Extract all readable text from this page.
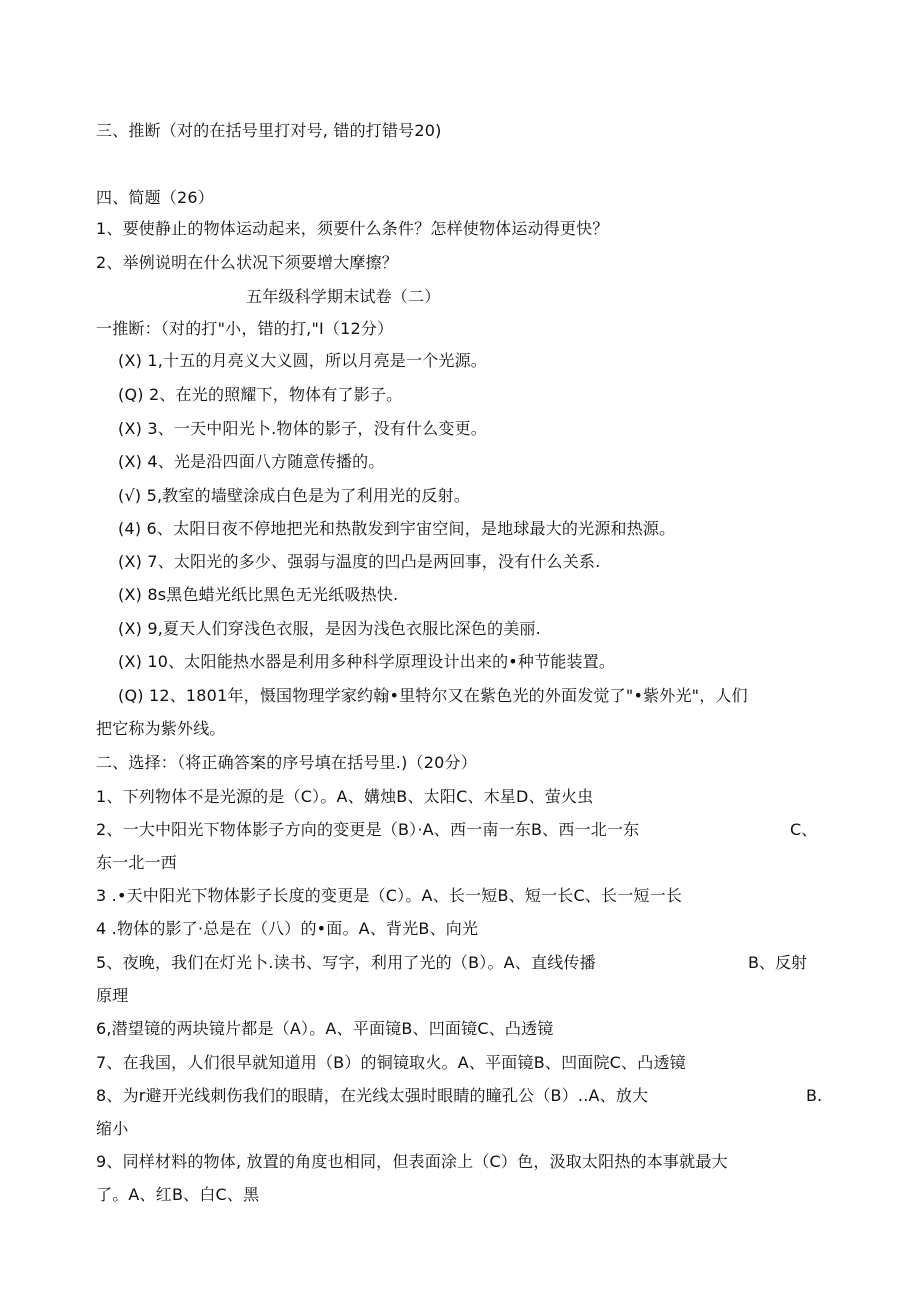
三、推断（对的在括号里打对号, 错的打错号20)
四、简题（26）
1、要使静止的物体运动起来，须要什么条件？怎样使物体运动得更快？
2、举例说明在什么状况下须要增大摩擦？
五年级科学期末试卷（二）
一推断：（对的打"小，错的打,"I（12分）
(X) 1,十五的月亮义大义圆，所以月亮是一个光源。
(Q) 2、在光的照耀下，物体有了影子。
(X) 3、一天中阳光卜.物体的影子，没有什么变更。
(X) 4、光是沿四面八方随意传播的。
(√) 5,教室的墙壁涂成白色是为了利用光的反射。
(4) 6、太阳日夜不停地把光和热散发到宇宙空间，是地球最大的光源和热源。
(X) 7、太阳光的多少、强弱与温度的凹凸是两回事，没有什么关系.
(X) 8s黑色蜡光纸比黑色无光纸吸热快.
(X) 9,夏天人们穿浅色衣服，是因为浅色衣服比深色的美丽.
(X) 10、太阳能热水器是利用多种科学原理设计出来的•种节能装置。
(Q) 12、1801年，慑国物理学家约翰•里特尔又在紫色光的外面发觉了"•紫外光"，人们
把它称为紫外线。
二、选择：（将正确答案的序号填在括号里.)（20分）
1、下列物体不是光源的是（C）。A、媾烛B、太阳C、木星D、萤火虫
2、一大中阳光下物体影子方向的变更是（B）·A、西一南一东B、西一北一东	C、
东一北一西
3 .•天中阳光下物体影子长度的变更是（C）。A、长一短B、短一长C、长一短一长
4 .物体的影了·总是在（八）的•面。A、背光B、向光
5、夜晚，我们在灯光卜.读书、写字，利用了光的（B）。A、直线传播	B、反射
原理
6,潜望镜的两块镜片都是（A）。A、平面镜B、凹面镜C、凸透镜
7、在我国，人们很早就知道用（B）的铜镜取火。A、平面镜B、凹面院C、凸透镜
8、为r避开光线刺伤我们的眼睛，在光线太强时眼睛的瞳孔公（B）..A、放大	B.
缩小
9、同样材料的物体, 放置的角度也相同，但表面涂上（C）色，汲取太阳热的本事就最大
了。A、红B、白C、黑
